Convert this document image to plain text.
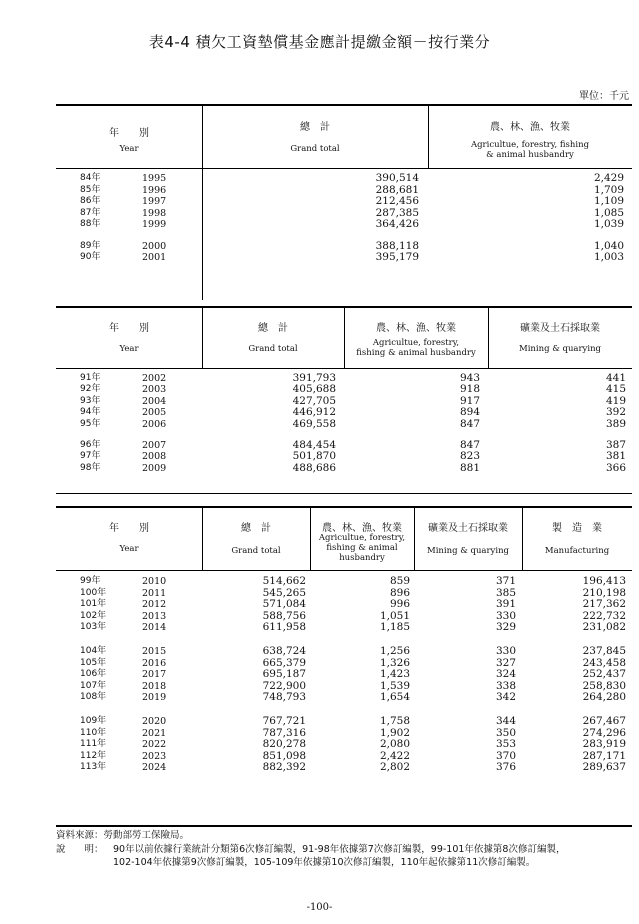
表4-4 積欠工資墊償基金應計提繳金額－按行業分
單位：千元
年　　別
Year
總　計
Grand total
農、林、漁、牧業
Agricultue, forestry, fishing
& animal husbandry
84年	1995	390,514	2,429
85年	1996	288,681	1,709
86年	1997	212,456	1,109
87年	1998	287,385	1,085
88年	1999	364,426	1,039
89年	2000	388,118	1,040
90年	2001	395,179	1,003
年　　別
Year
總　計
Grand total
農、林、漁、牧業
Agricultue, forestry,
fishing & animal husbandry
礦業及土石採取業
Mining & quarying
91年	2002	391,793	943	441
92年	2003	405,688	918	415
93年	2004	427,705	917	419
94年	2005	446,912	894	392
95年	2006	469,558	847	389
96年	2007	484,454	847	387
97年	2008	501,870	823	381
98年	2009	488,686	881	366
年　　別
Year
總　計
Grand total
農、林、漁、牧業
Agricultue, forestry,
fishing & animal
husbandry
礦業及土石採取業
Mining & quarying
製　造　業
Manufacturing
99年	2010	514,662	859	371	196,413
100年	2011	545,265	896	385	210,198
101年	2012	571,084	996	391	217,362
102年	2013	588,756	1,051	330	222,732
103年	2014	611,958	1,185	329	231,082
104年	2015	638,724	1,256	330	237,845
105年	2016	665,379	1,326	327	243,458
106年	2017	695,187	1,423	324	252,437
107年	2018	722,900	1,539	338	258,830
108年	2019	748,793	1,654	342	264,280
109年	2020	767,721	1,758	344	267,467
110年	2021	787,316	1,902	350	274,296
111年	2022	820,278	2,080	353	283,919
112年	2023	851,098	2,422	370	287,171
113年	2024	882,392	2,802	376	289,637
資料來源：勞動部勞工保險局。
說　　明： 90年以前依據行業統計分類第6次修訂編製，91-98年依據第7次修訂編製，99-101年依據第8次修訂編製，
102-104年依據第9次修訂編製，105-109年依據第10次修訂編製，110年起依據第11次修訂編製。
-100-
